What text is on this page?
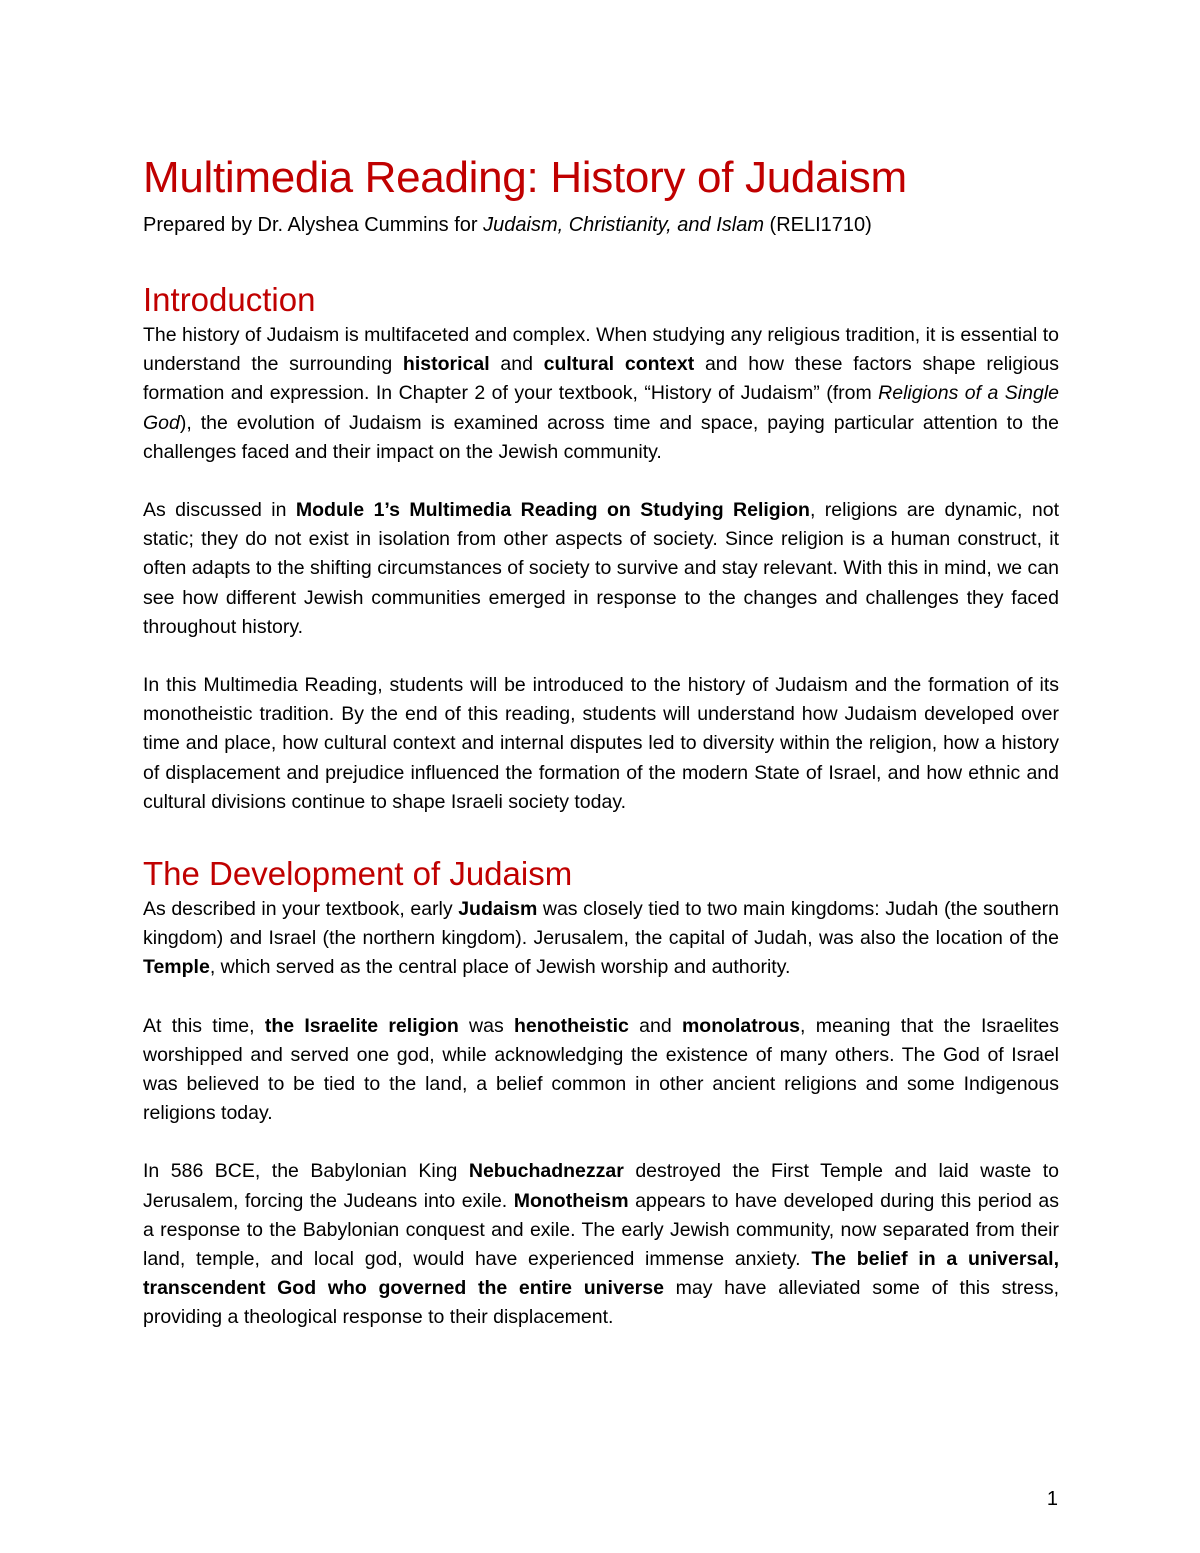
Multimedia Reading: History of Judaism

Prepared by Dr. Alyshea Cummins for Judaism, Christianity, and Islam (RELI1710)

Introduction

The history of Judaism is multifaceted and complex. When studying any religious tradition, it is essential to understand the surrounding historical and cultural context and how these factors shape religious formation and expression. In Chapter 2 of your textbook, “History of Judaism” (from Religions of a Single God), the evolution of Judaism is examined across time and space, paying particular attention to the challenges faced and their impact on the Jewish community.

As discussed in Module 1’s Multimedia Reading on Studying Religion, religions are dynamic, not static; they do not exist in isolation from other aspects of society. Since religion is a human construct, it often adapts to the shifting circumstances of society to survive and stay relevant. With this in mind, we can see how different Jewish communities emerged in response to the changes and challenges they faced throughout history.

In this Multimedia Reading, students will be introduced to the history of Judaism and the formation of its monotheistic tradition. By the end of this reading, students will understand how Judaism developed over time and place, how cultural context and internal disputes led to diversity within the religion, how a history of displacement and prejudice influenced the formation of the modern State of Israel, and how ethnic and cultural divisions continue to shape Israeli society today.

The Development of Judaism

As described in your textbook, early Judaism was closely tied to two main kingdoms: Judah (the southern kingdom) and Israel (the northern kingdom). Jerusalem, the capital of Judah, was also the location of the Temple, which served as the central place of Jewish worship and authority.

At this time, the Israelite religion was henotheistic and monolatrous, meaning that the Israelites worshipped and served one god, while acknowledging the existence of many others. The God of Israel was believed to be tied to the land, a belief common in other ancient religions and some Indigenous religions today.

In 586 BCE, the Babylonian King Nebuchadnezzar destroyed the First Temple and laid waste to Jerusalem, forcing the Judeans into exile. Monotheism appears to have developed during this period as a response to the Babylonian conquest and exile. The early Jewish community, now separated from their land, temple, and local god, would have experienced immense anxiety. The belief in a universal, transcendent God who governed the entire universe may have alleviated some of this stress, providing a theological response to their displacement.

1
